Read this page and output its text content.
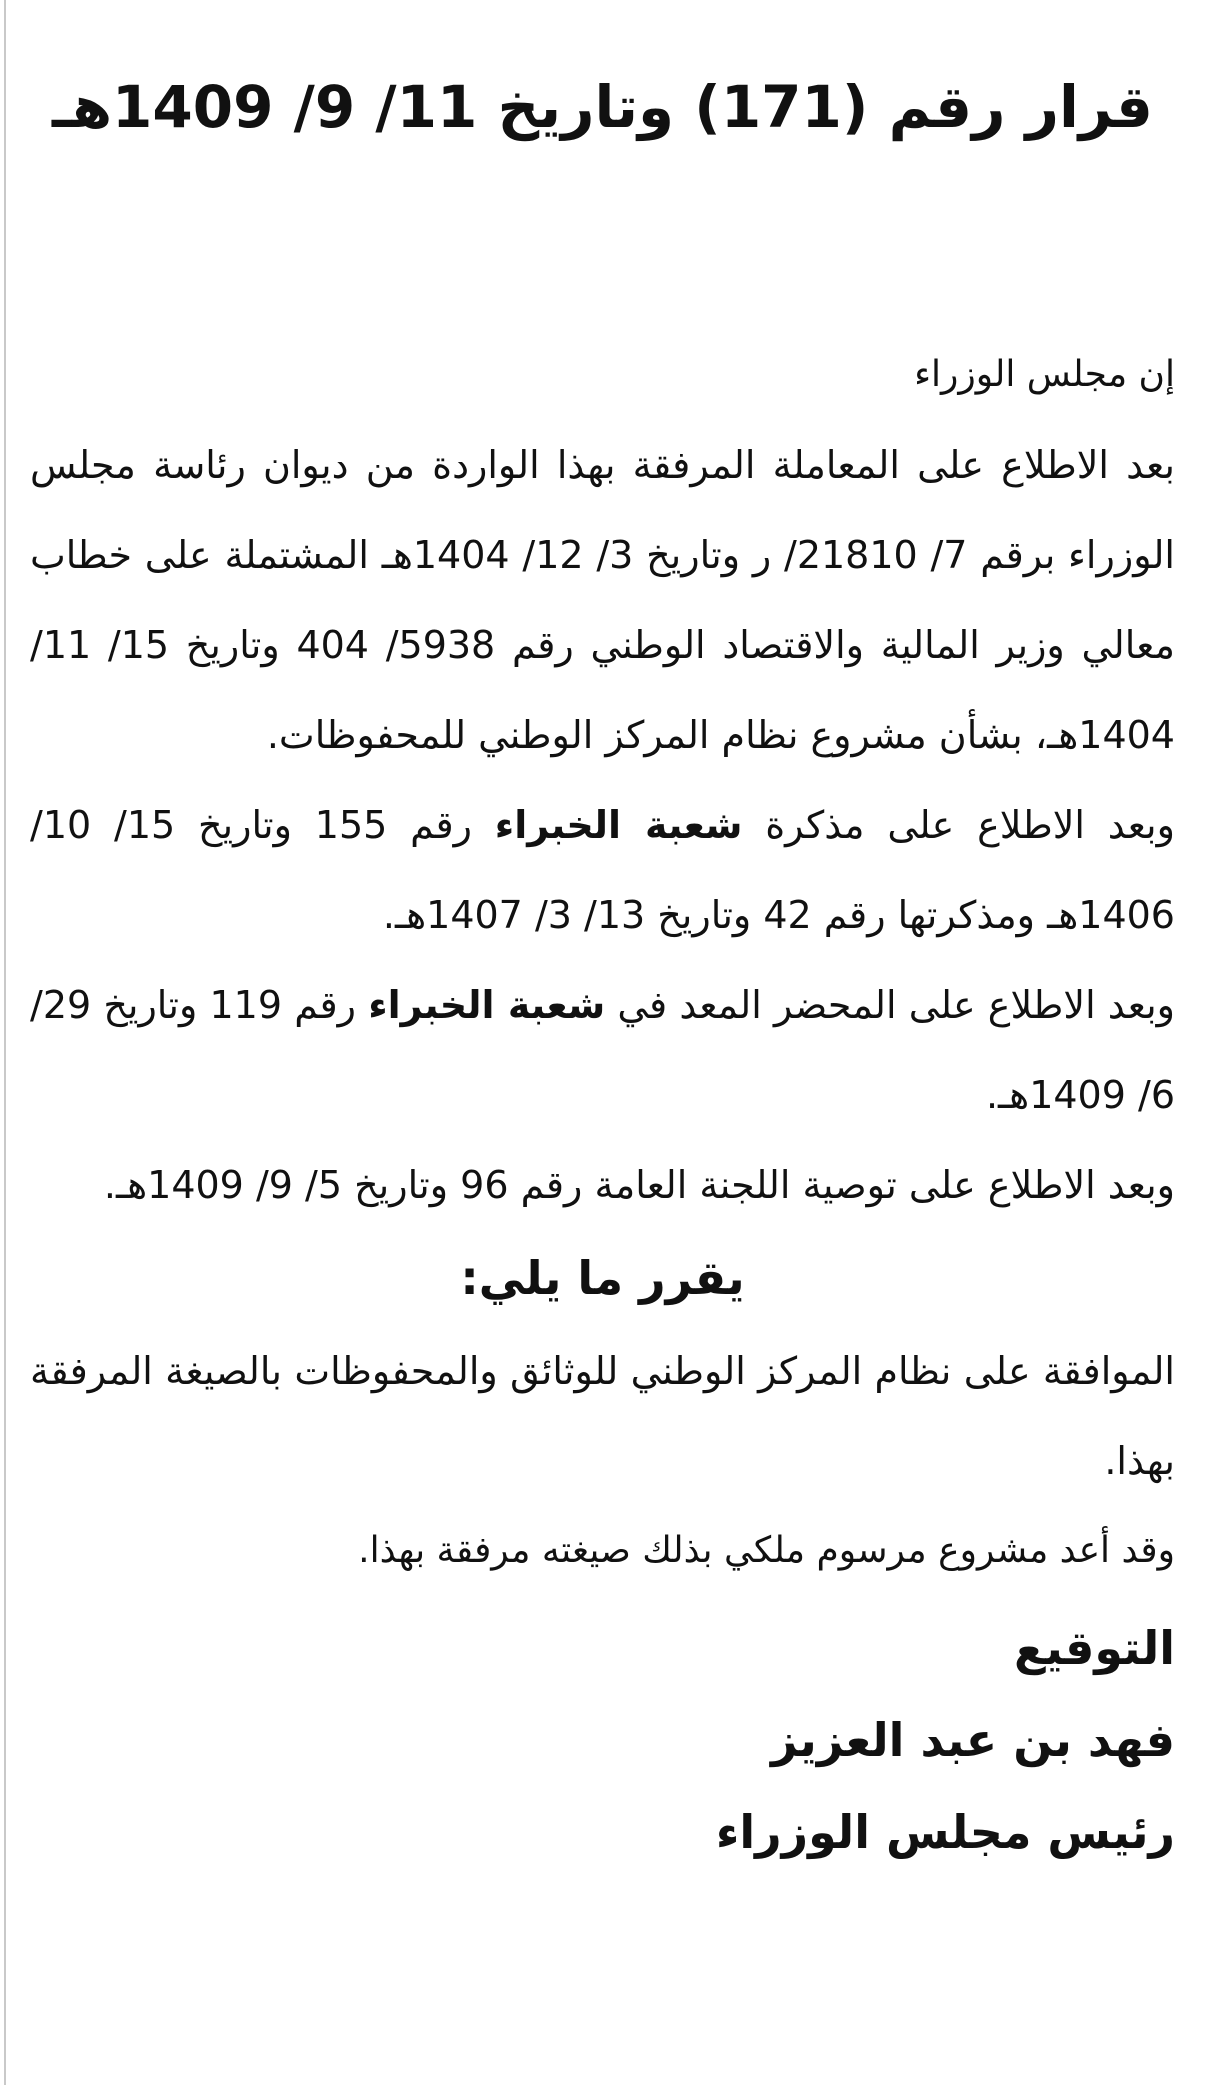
قرار رقم (171) وتاريخ 11/ 9/ 1409هـ

إن مجلس الوزراء

بعد الاطلاع على المعاملة المرفقة بهذا الواردة من ديوان رئاسة مجلس الوزراء برقم 7/ 21810/ ر وتاريخ 3/ 12/ 1404هـ المشتملة على خطاب معالي وزير المالية والاقتصاد الوطني رقم 5938/ 404 وتاريخ 15/ 11/ 1404هـ، بشأن مشروع نظام المركز الوطني للمحفوظات.

وبعد الاطلاع على مذكرة شعبة الخبراء رقم 155 وتاريخ 15/ 10/ 1406هـ ومذكرتها رقم 42 وتاريخ 13/ 3/ 1407هـ.

وبعد الاطلاع على المحضر المعد في شعبة الخبراء رقم 119 وتاريخ 29/ 6/ 1409هـ.

وبعد الاطلاع على توصية اللجنة العامة رقم 96 وتاريخ 5/ 9/ 1409هـ.

يقرر ما يلي:

الموافقة على نظام المركز الوطني للوثائق والمحفوظات بالصيغة المرفقة بهذا.

وقد أعد مشروع مرسوم ملكي بذلك صيغته مرفقة بهذا.

التوقيع
فهد بن عبد العزيز
رئيس مجلس الوزراء
